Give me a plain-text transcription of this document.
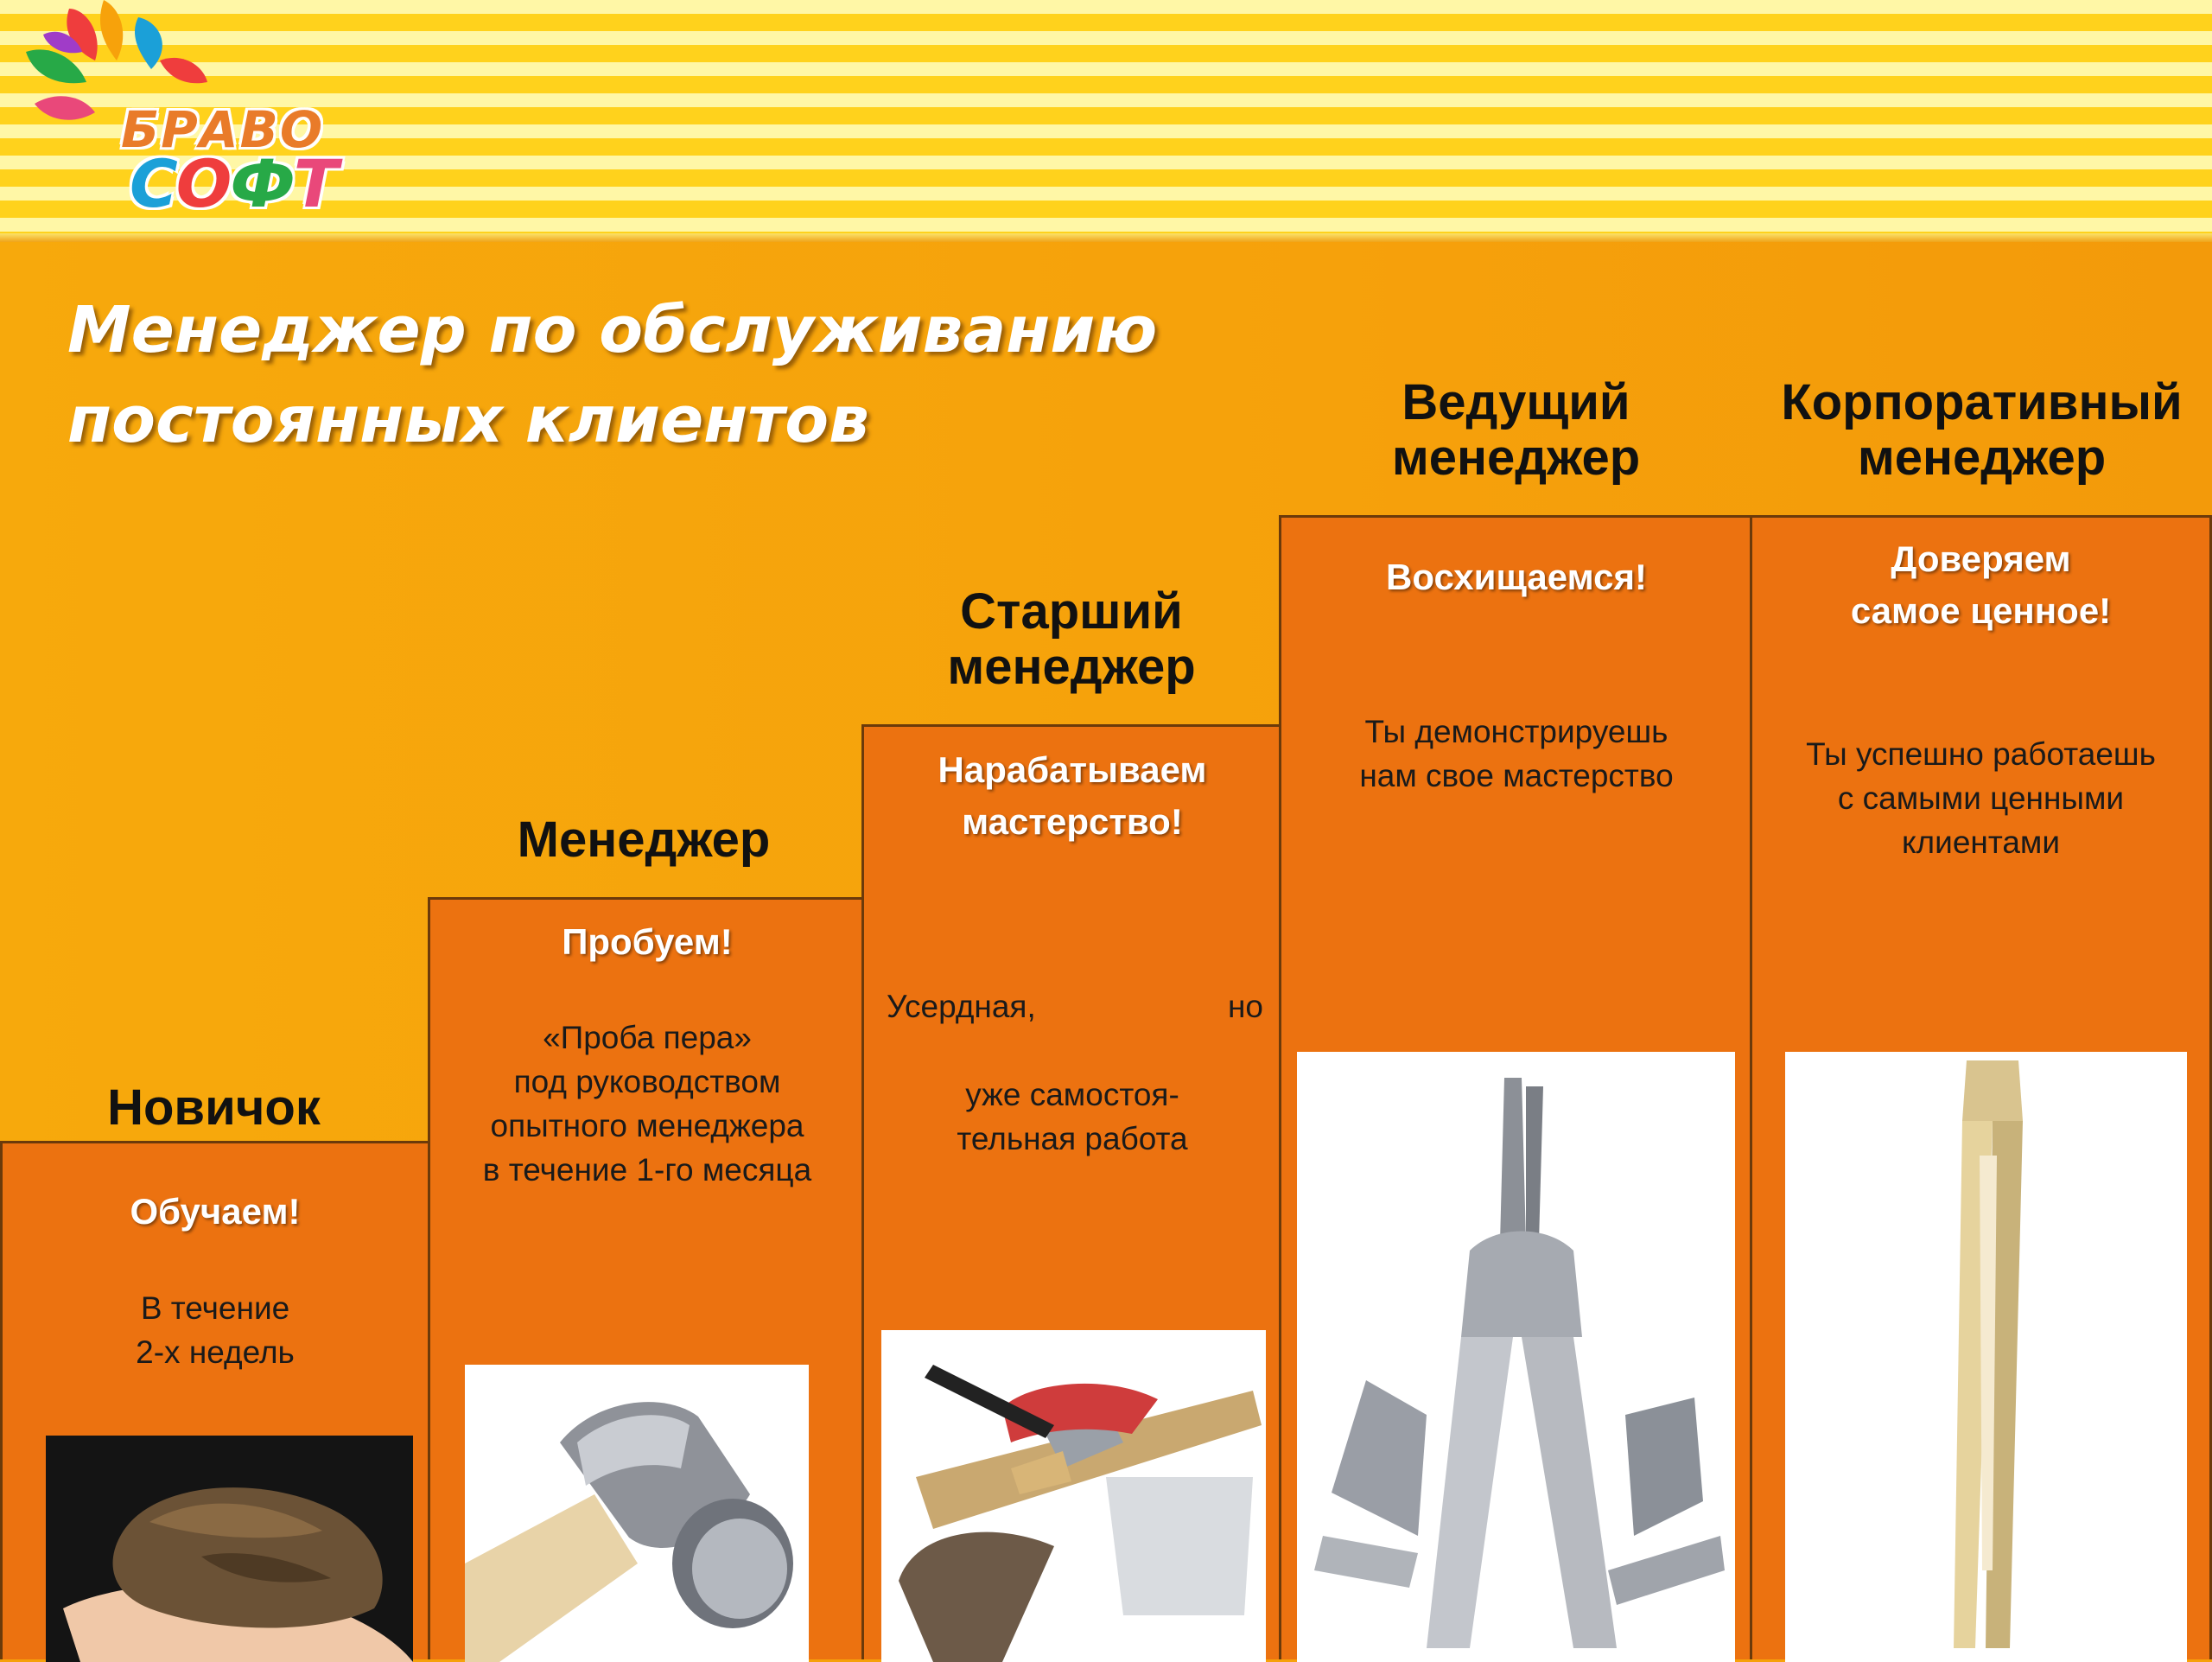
БРАВО
СОФТ
Менеджер по обслуживанию
постоянных клиентов
Новичок
Обучаем!
В течение
2-х недель
Менеджер
Пробуем!
«Проба пера»
под руководством
опытного менеджера
в течение 1-го месяца
Старший
менеджер
Нарабатываем
мастерство!

Усердная,	но

уже самостоя-
тельная работа

Ведущий
менеджер
Восхищаемся!
Ты демонстрируешь
нам свое мастерство
Корпоративный
менеджер
Доверяем
самое ценное!
Ты успешно работаешь
с самыми ценными
клиентами
